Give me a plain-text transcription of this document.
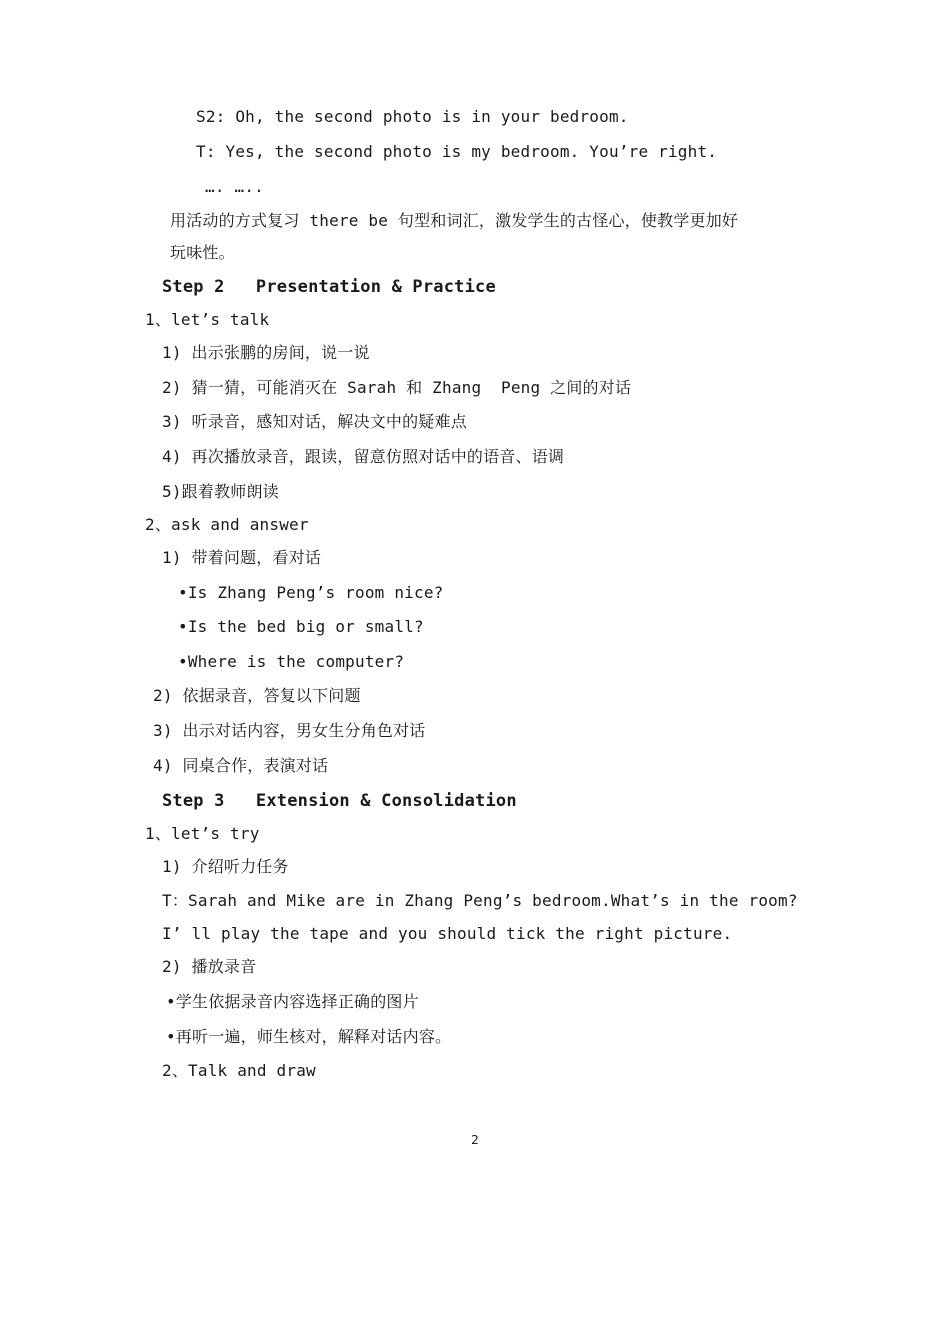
S2: Oh, the second photo is in your bedroom.
T: Yes, the second photo is my bedroom. You’re right.
…. …..
用活动的方式复习 there be 句型和词汇，激发学生的古怪心，使教学更加好
玩味性。
Step 2   Presentation & Practice
1、let’s talk
1) 出示张鹏的房间，说一说
2) 猜一猜，可能消灭在 Sarah 和 Zhang  Peng 之间的对话
3) 听录音，感知对话，解决文中的疑难点
4) 再次播放录音，跟读，留意仿照对话中的语音、语调
5)跟着教师朗读
2、ask and answer
1) 带着问题，看对话
•Is Zhang Peng’s room nice?
•Is the bed big or small?
•Where is the computer?
2) 依据录音，答复以下问题
3) 出示对话内容，男女生分角色对话
4) 同桌合作，表演对话
Step 3   Extension & Consolidation
1、let’s try
1) 介绍听力任务
T：Sarah and Mike are in Zhang Peng’s bedroom.What’s in the room?
I’ ll play the tape and you should tick the right picture.
2) 播放录音
•学生依据录音内容选择正确的图片
•再听一遍，师生核对，解释对话内容。
2、Talk and draw
2
